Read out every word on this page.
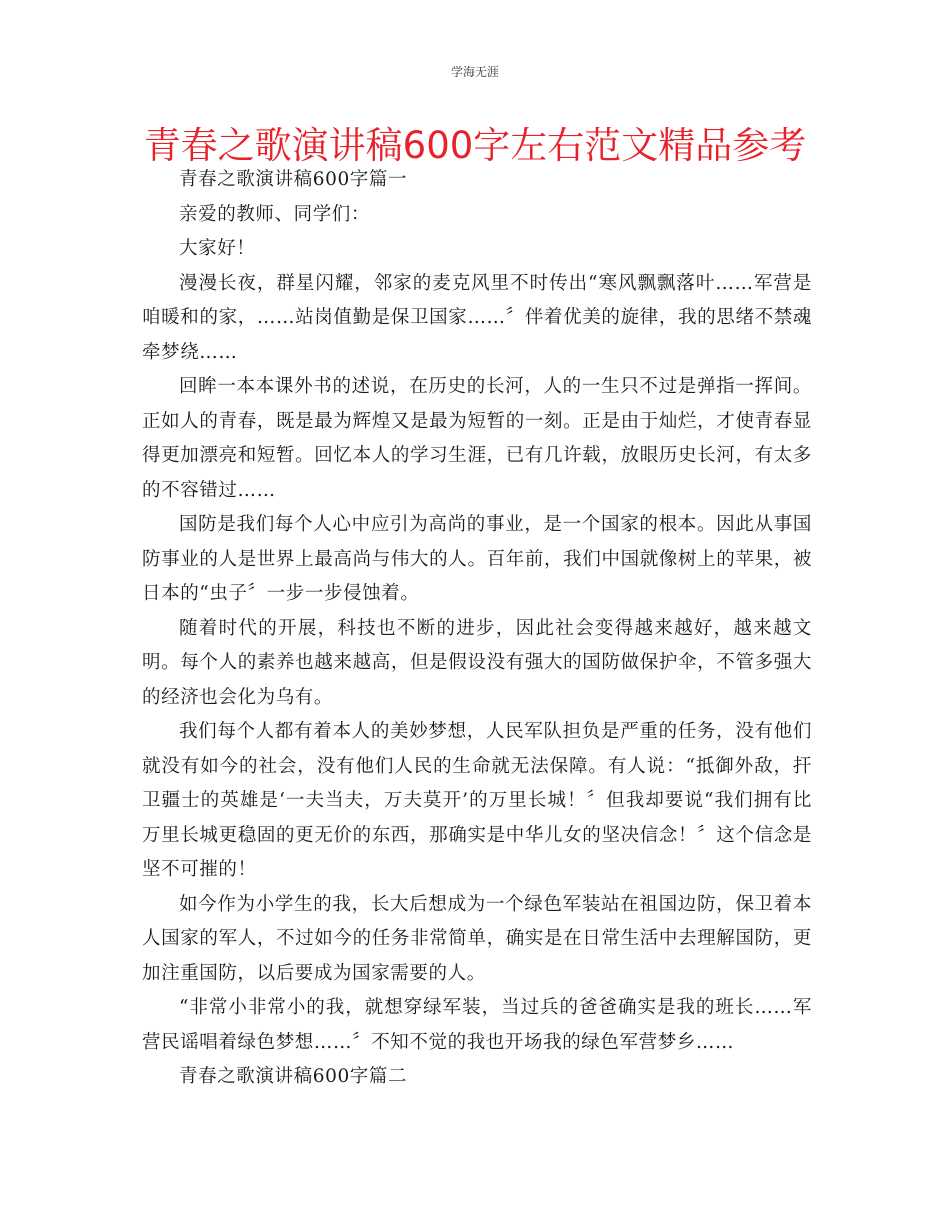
学海无涯
青春之歌演讲稿600字左右范文精品参考

青春之歌演讲稿600字篇一

亲爱的教师、同学们：

大家好！

漫漫长夜，群星闪耀，邻家的麦克风里不时传出“寒风飘飘落叶……军营是咱暖和的家，……站岗值勤是保卫国家……〞伴着优美的旋律，我的思绪不禁魂牵梦绕……

回眸一本本课外书的述说，在历史的长河，人的一生只不过是弹指一挥间。正如人的青春，既是最为辉煌又是最为短暂的一刻。正是由于灿烂，才使青春显得更加漂亮和短暂。回忆本人的学习生涯，已有几许载，放眼历史长河，有太多的不容错过……

国防是我们每个人心中应引为高尚的事业，是一个国家的根本。因此从事国防事业的人是世界上最高尚与伟大的人。百年前，我们中国就像树上的苹果，被日本的“虫子〞一步一步侵蚀着。

随着时代的开展，科技也不断的进步，因此社会变得越来越好，越来越文明。每个人的素养也越来越高，但是假设没有强大的国防做保护伞，不管多强大的经济也会化为乌有。

我们每个人都有着本人的美妙梦想，人民军队担负是严重的任务，没有他们就没有如今的社会，没有他们人民的生命就无法保障。有人说：“抵御外敌，扞卫疆士的英雄是‘一夫当夫，万夫莫开’的万里长城！〞但我却要说“我们拥有比万里长城更稳固的更无价的东西，那确实是中华儿女的坚决信念！〞这个信念是坚不可摧的！

如今作为小学生的我，长大后想成为一个绿色军装站在祖国边防，保卫着本人国家的军人，不过如今的任务非常简单，确实是在日常生活中去理解国防，更加注重国防，以后要成为国家需要的人。

“非常小非常小的我，就想穿绿军装，当过兵的爸爸确实是我的班长……军营民谣唱着绿色梦想……〞不知不觉的我也开场我的绿色军营梦乡……

青春之歌演讲稿600字篇二
